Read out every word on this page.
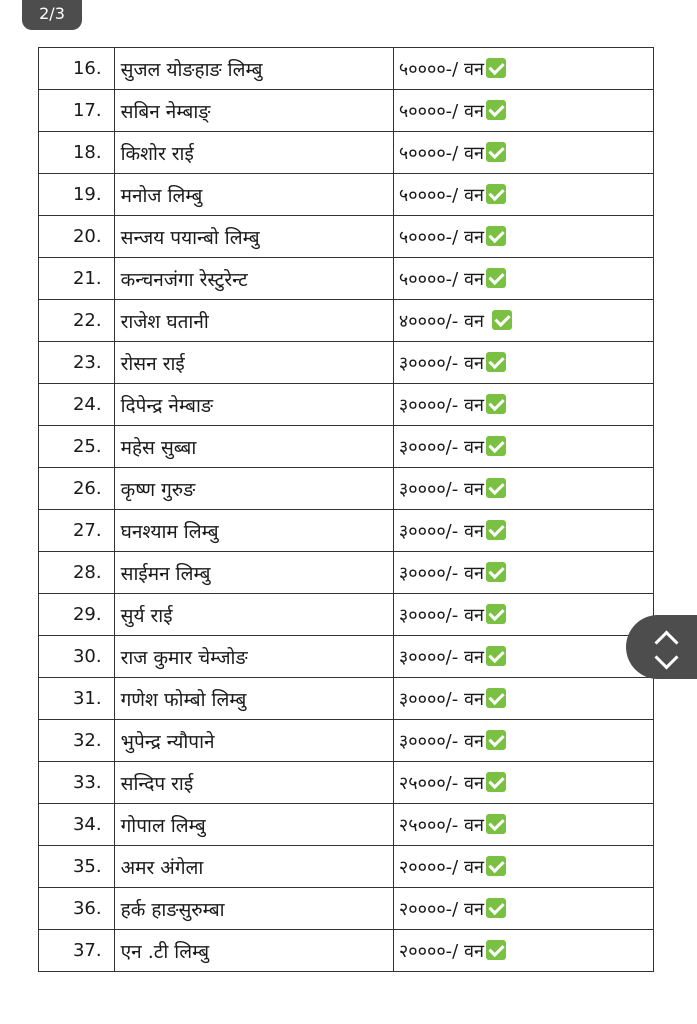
2/3
16.	सुजल योङहाङ लिम्बु	५००००-/ वन
17.	सबिन नेम्बाङ्	५००००-/ वन
18.	किशोर राई	५००००-/ वन
19.	मनोज लिम्बु	५००००-/ वन
20.	सन्जय पयान्बो लिम्बु	५००००-/ वन
21.	कन्चनजंगा रेस्टुरेन्ट	५००००-/ वन
22.	राजेश घतानी	४००००/- वन
23.	रोसन राई	३००००/- वन
24.	दिपेन्द्र नेम्बाङ	३००००/- वन
25.	महेस सुब्बा	३००००/- वन
26.	कृष्ण गुरुङ	३००००/- वन
27.	घनश्याम लिम्बु	३००००/- वन
28.	साईमन लिम्बु	३००००/- वन
29.	सुर्य राई	३००००/- वन
30.	राज कुमार चेम्जोङ	३००००/- वन
31.	गणेश फोम्बो लिम्बु	३००००/- वन
32.	भुपेन्द्र न्यौपाने	३००००/- वन
33.	सन्दिप राई	२५०००/- वन
34.	गोपाल लिम्बु	२५०००/- वन
35.	अमर अंगेला	२००००-/ वन
36.	हर्क हाङसुरुम्बा	२००००-/ वन
37.	एन .टी लिम्बु	२००००-/ वन
